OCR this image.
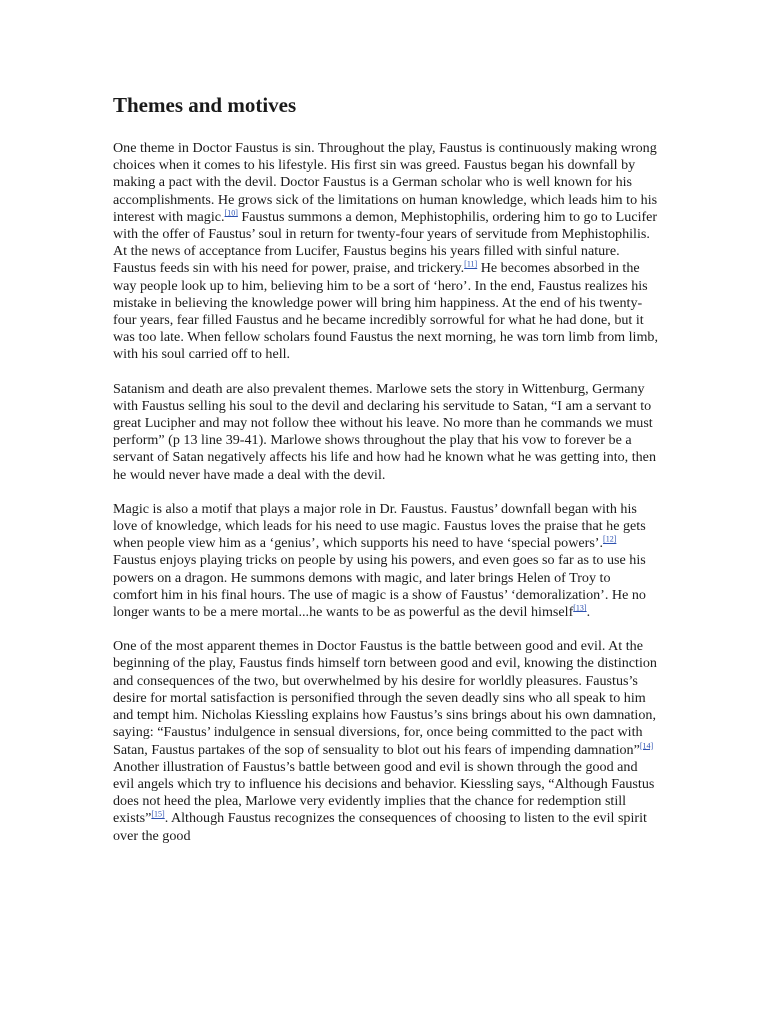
Themes and motives

One theme in Doctor Faustus is sin. Throughout the play, Faustus is continuously making wrong choices when it comes to his lifestyle. His first sin was greed. Faustus began his downfall by making a pact with the devil. Doctor Faustus is a German scholar who is well known for his accomplishments. He grows sick of the limitations on human knowledge, which leads him to his interest with magic.[10] Faustus summons a demon, Mephistophilis, ordering him to go to Lucifer with the offer of Faustus’ soul in return for twenty-four years of servitude from Mephistophilis. At the news of acceptance from Lucifer, Faustus begins his years filled with sinful nature. Faustus feeds sin with his need for power, praise, and trickery.[11] He becomes absorbed in the way people look up to him, believing him to be a sort of ‘hero’. In the end, Faustus realizes his mistake in believing the knowledge power will bring him happiness. At the end of his twenty-four years, fear filled Faustus and he became incredibly sorrowful for what he had done, but it was too late. When fellow scholars found Faustus the next morning, he was torn limb from limb, with his soul carried off to hell.

Satanism and death are also prevalent themes. Marlowe sets the story in Wittenburg, Germany with Faustus selling his soul to the devil and declaring his servitude to Satan, “I am a servant to great Lucipher and may not follow thee without his leave. No more than he commands we must perform” (p 13 line 39-41). Marlowe shows throughout the play that his vow to forever be a servant of Satan negatively affects his life and how had he known what he was getting into, then he would never have made a deal with the devil.

Magic is also a motif that plays a major role in Dr. Faustus. Faustus’ downfall began with his love of knowledge, which leads for his need to use magic. Faustus loves the praise that he gets when people view him as a ‘genius’, which supports his need to have ‘special powers’.[12] Faustus enjoys playing tricks on people by using his powers, and even goes so far as to use his powers on a dragon. He summons demons with magic, and later brings Helen of Troy to comfort him in his final hours. The use of magic is a show of Faustus’ ‘demoralization’. He no longer wants to be a mere mortal...he wants to be as powerful as the devil himself[13].

One of the most apparent themes in Doctor Faustus is the battle between good and evil. At the beginning of the play, Faustus finds himself torn between good and evil, knowing the distinction and consequences of the two, but overwhelmed by his desire for worldly pleasures. Faustus’s desire for mortal satisfaction is personified through the seven deadly sins who all speak to him and tempt him. Nicholas Kiessling explains how Faustus’s sins brings about his own damnation, saying: “Faustus’ indulgence in sensual diversions, for, once being committed to the pact with Satan, Faustus partakes of the sop of sensuality to blot out his fears of impending damnation”[14] Another illustration of Faustus’s battle between good and evil is shown through the good and evil angels which try to influence his decisions and behavior. Kiessling says, “Although Faustus does not heed the plea, Marlowe very evidently implies that the chance for redemption still exists”[15]. Although Faustus recognizes the consequences of choosing to listen to the evil spirit over the good
